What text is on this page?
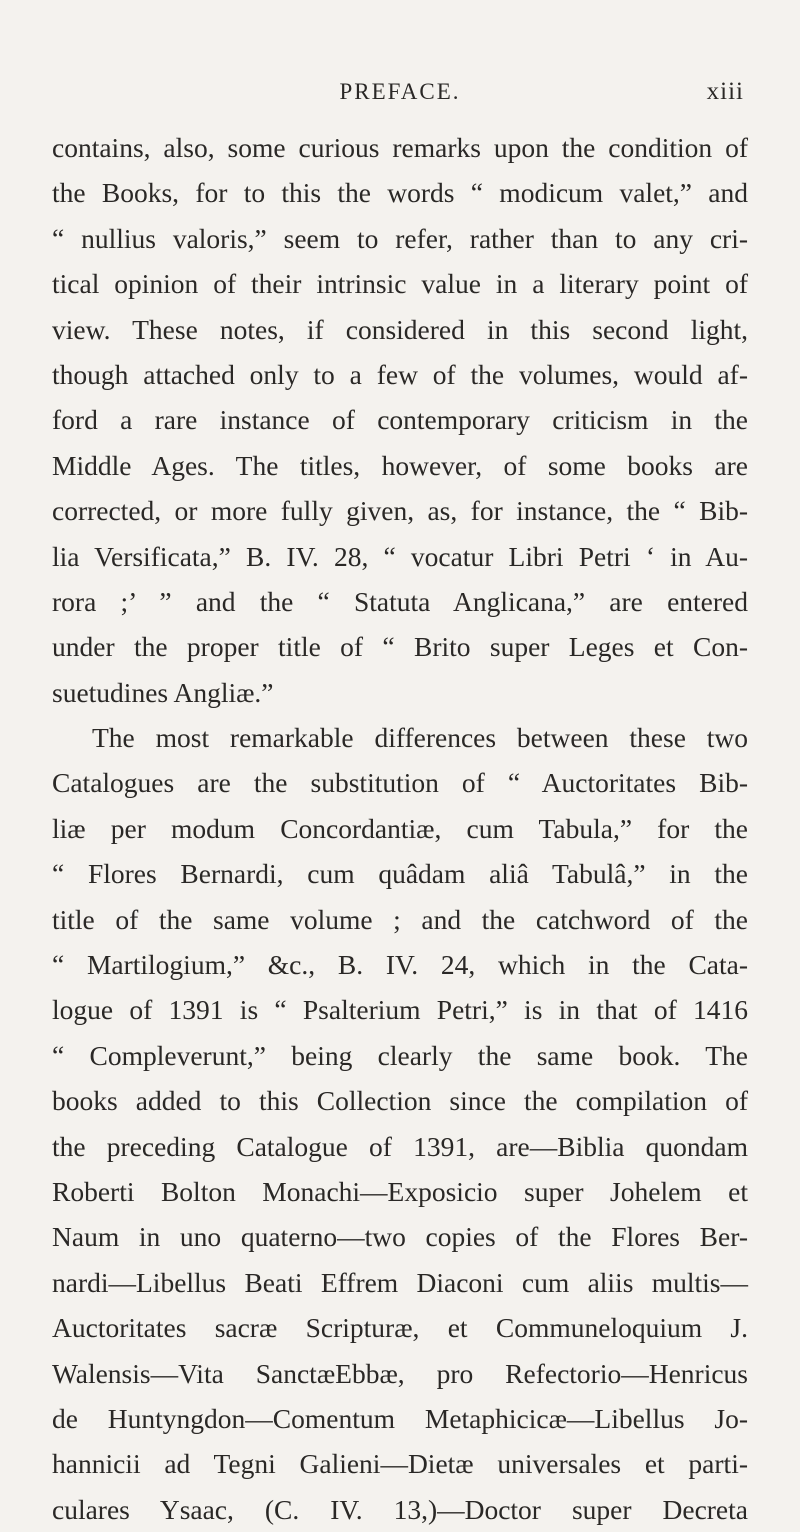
PREFACE.	xiii
contains, also, some curious remarks upon the condition of
the Books, for to this the words “ modicum valet,” and
“ nullius valoris,” seem to refer, rather than to any cri-
tical opinion of their intrinsic value in a literary point of
view. These notes, if considered in this second light,
though attached only to a few of the volumes, would af-
ford a rare instance of contemporary criticism in the
Middle Ages. The titles, however, of some books are
corrected, or more fully given, as, for instance, the “ Bib-
lia Versificata,” B. IV. 28, “ vocatur Libri Petri ‘ in Au-
rora ;’ ” and the “ Statuta Anglicana,” are entered
under the proper title of “ Brito super Leges et Con-
suetudines Angliæ.”
The most remarkable differences between these two
Catalogues are the substitution of “ Auctoritates Bib-
liæ per modum Concordantiæ, cum Tabula,” for the
“ Flores Bernardi, cum quâdam aliâ Tabulâ,” in the
title of the same volume ; and the catchword of the
“ Martilogium,” &c., B. IV. 24, which in the Cata-
logue of 1391 is “ Psalterium Petri,” is in that of 1416
“ Compleverunt,” being clearly the same book. The
books added to this Collection since the compilation of
the preceding Catalogue of 1391, are—Biblia quondam
Roberti Bolton Monachi—Exposicio super Johelem et
Naum in uno quaterno—two copies of the Flores Ber-
nardi—Libellus Beati Effrem Diaconi cum aliis multis—
Auctoritates sacræ Scripturæ, et Communeloquium J.
Walensis—Vita SanctæEbbæ, pro Refectorio—Henricus
de Huntyngdon—Comentum Metaphicicæ—Libellus Jo-
hannicii ad Tegni Galieni—Dietæ universales et parti-
culares Ysaac, (C. IV. 13,)—Doctor super Decreta
